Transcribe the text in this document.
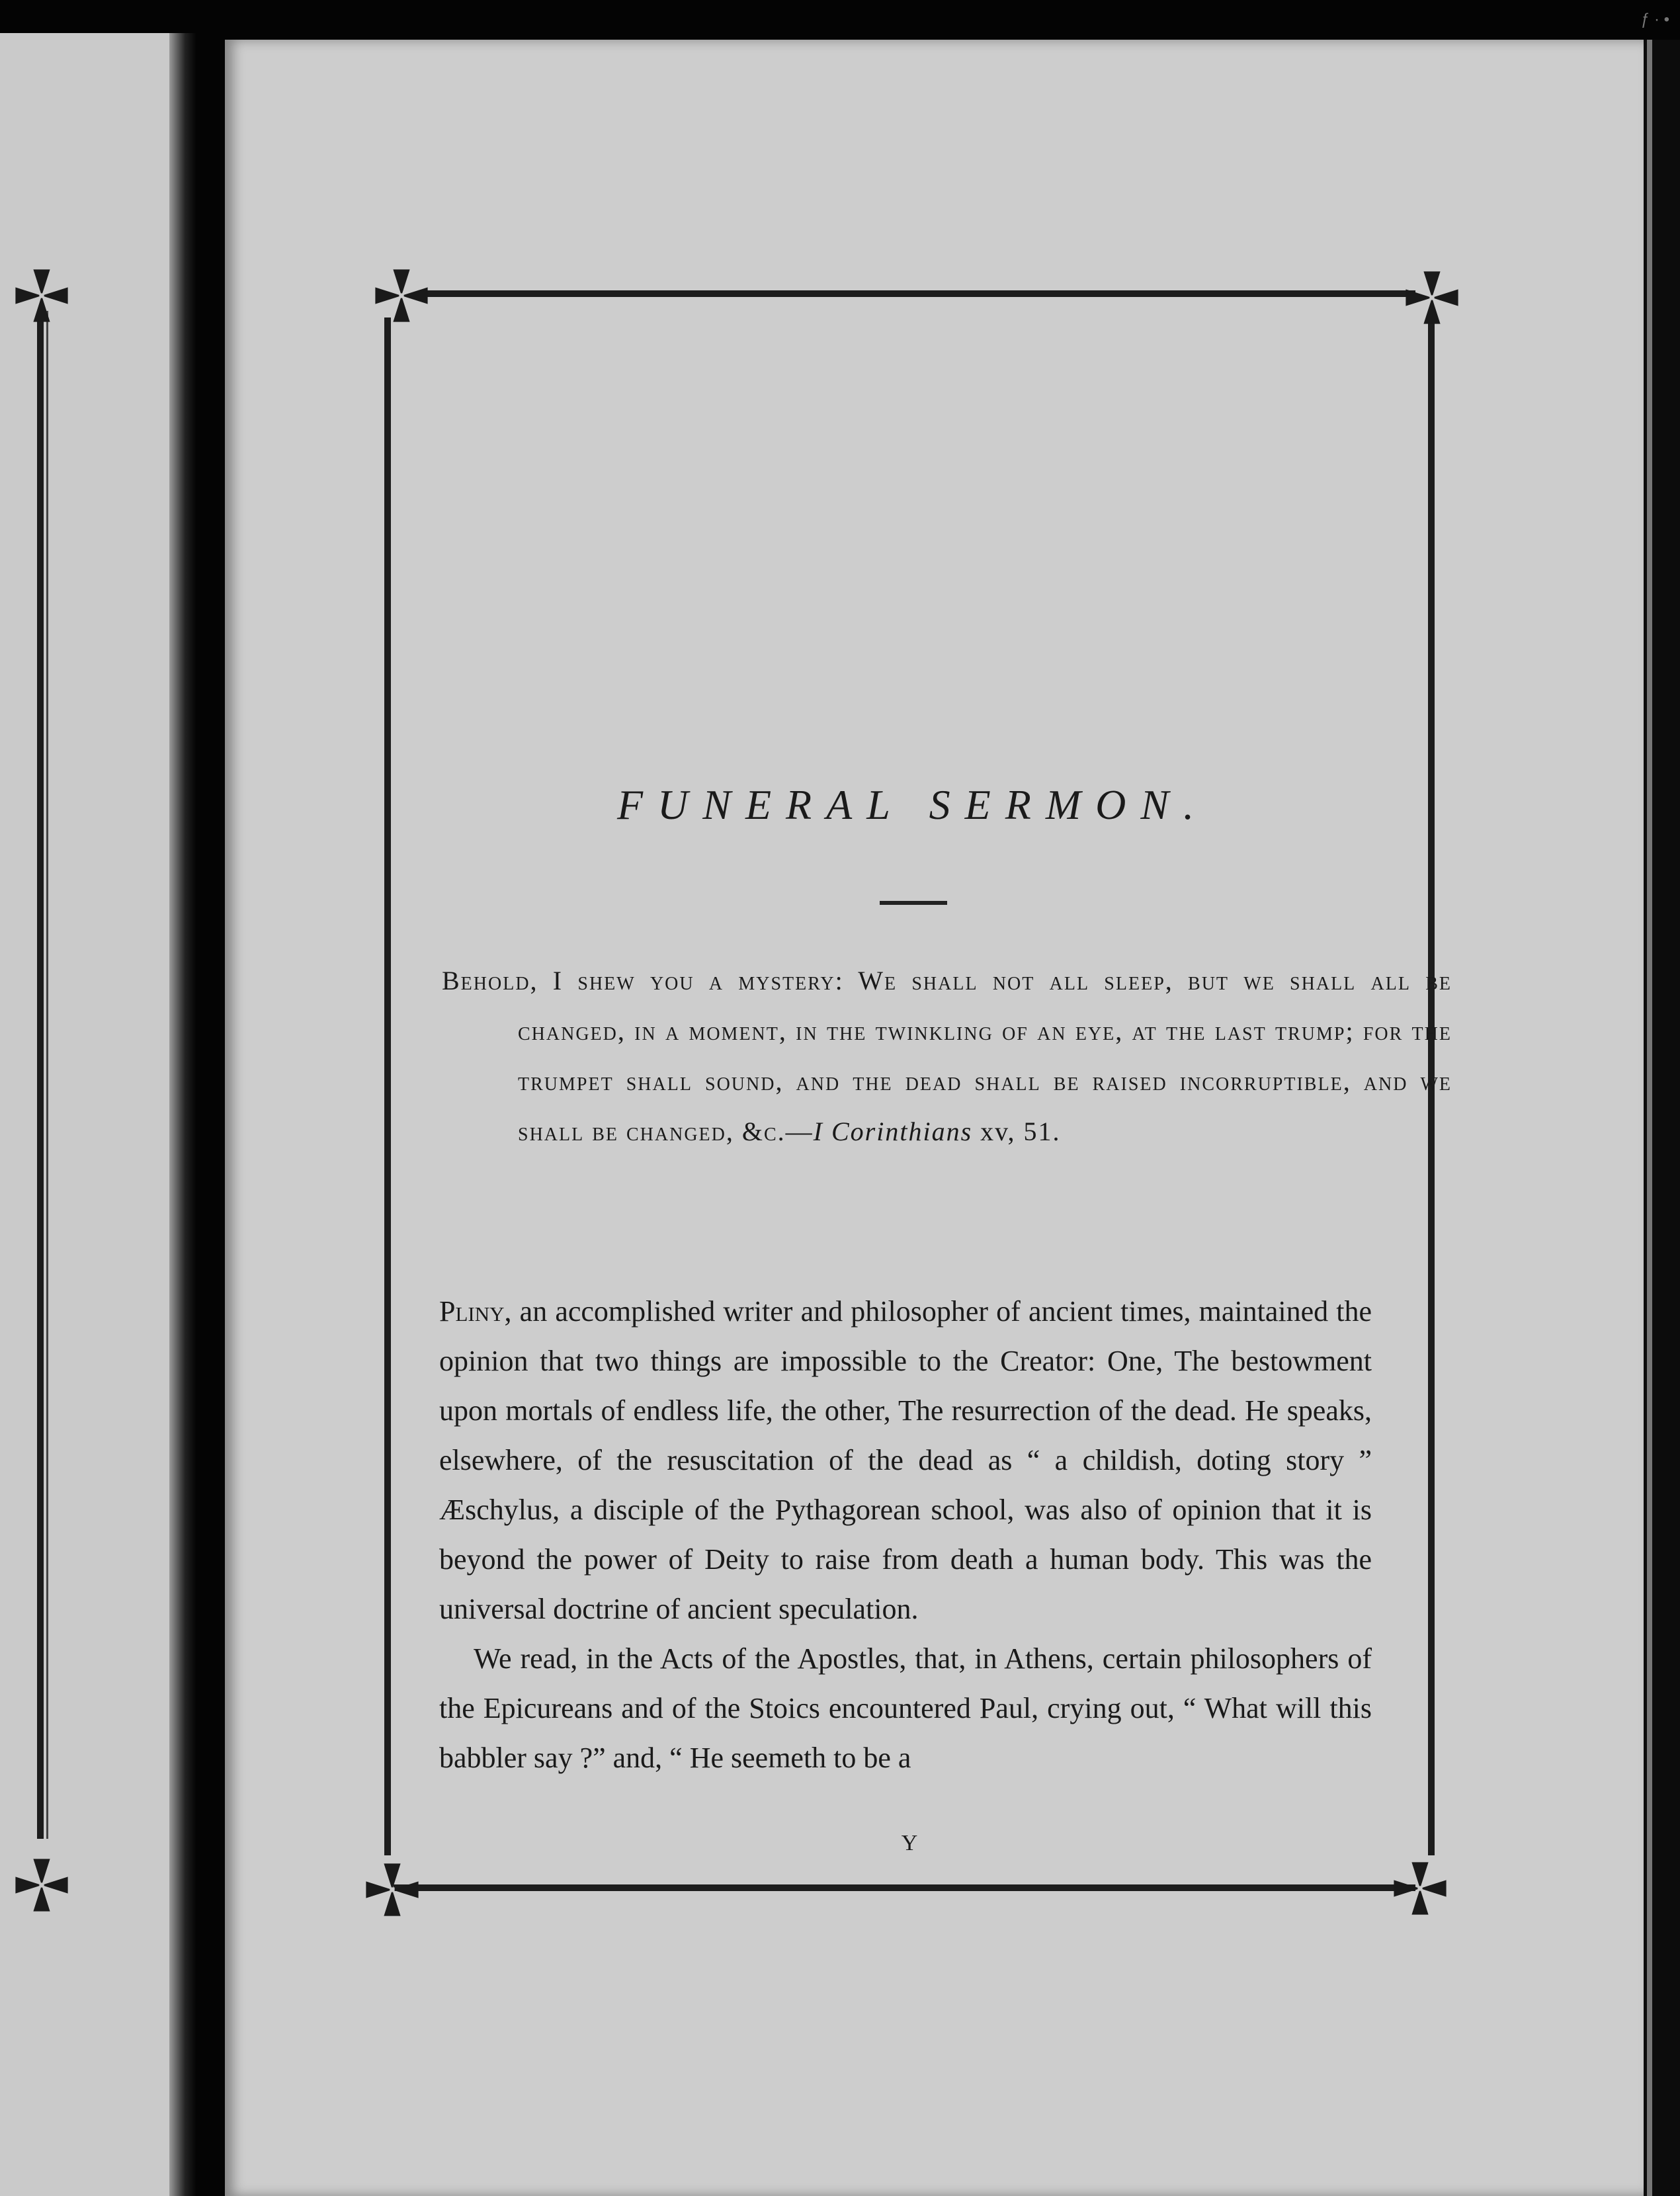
FUNERAL SERMON.
Behold, I shew you a mystery: We shall not all sleep, but we shall all be changed, in a moment, in the twinkling of an eye, at the last trump; for the trumpet shall sound, and the dead shall be raised incorruptible, and we shall be changed, &c.—I Corinthians xv, 51.

Pliny, an accomplished writer and philosopher of ancient times, maintained the opinion that two things are impossible to the Creator: One, The bestowment upon mortals of endless life, the other, The resurrection of the dead. He speaks, elsewhere, of the resuscitation of the dead as “ a childish, doting story ” Æschylus, a disciple of the Pythagorean school, was also of opinion that it is beyond the power of Deity to raise from death a human body. This was the universal doctrine of ancient speculation.

We read, in the Acts of the Apostles, that, in Athens, certain philosophers of the Epicureans and of the Stoics encountered Paul, crying out, “ What will this babbler say ?” and, “ He seemeth to be a

Y
ƒ · •
